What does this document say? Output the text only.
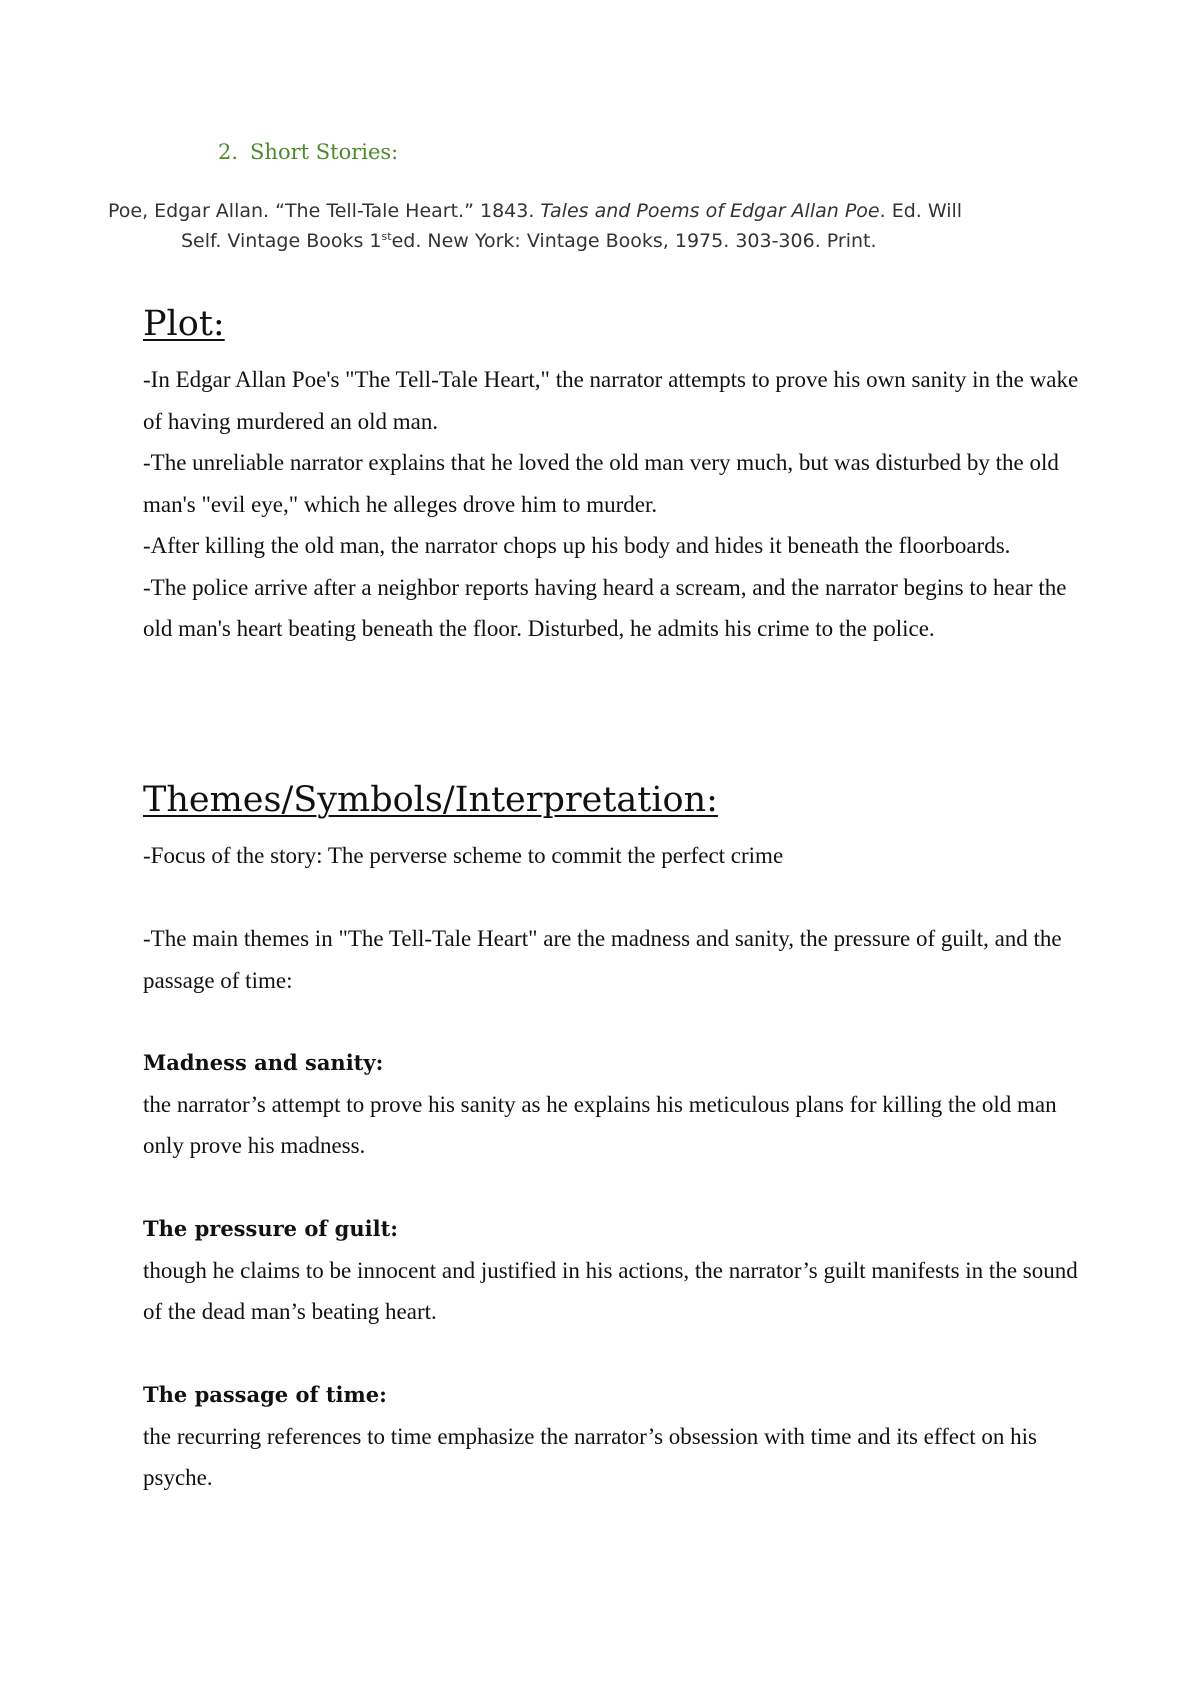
2. Short Stories:
Poe, Edgar Allan. “The Tell-Tale Heart.” 1843. Tales and Poems of Edgar Allan Poe. Ed. Will
Self. Vintage Books 1sted. New York: Vintage Books, 1975. 303-306. Print.
Plot:

-In Edgar Allan Poe's "The Tell-Tale Heart," the narrator attempts to prove his own sanity in the wake of having murdered an old man.

-The unreliable narrator explains that he loved the old man very much, but was disturbed by the old man's "evil eye," which he alleges drove him to murder.

-After killing the old man, the narrator chops up his body and hides it beneath the floorboards.

-The police arrive after a neighbor reports having heard a scream, and the narrator begins to hear the old man's heart beating beneath the floor. Disturbed, he admits his crime to the police.

Themes/Symbols/Interpretation:

-Focus of the story: The perverse scheme to commit the perfect crime

-The main themes in "The Tell-Tale Heart" are the madness and sanity, the pressure of guilt, and the passage of time:

Madness and sanity:
the narrator’s attempt to prove his sanity as he explains his meticulous plans for killing the old man only prove his madness.
The pressure of guilt:
though he claims to be innocent and justified in his actions, the narrator’s guilt manifests in the sound of the dead man’s beating heart.
The passage of time:
the recurring references to time emphasize the narrator’s obsession with time and its effect on his psyche.
